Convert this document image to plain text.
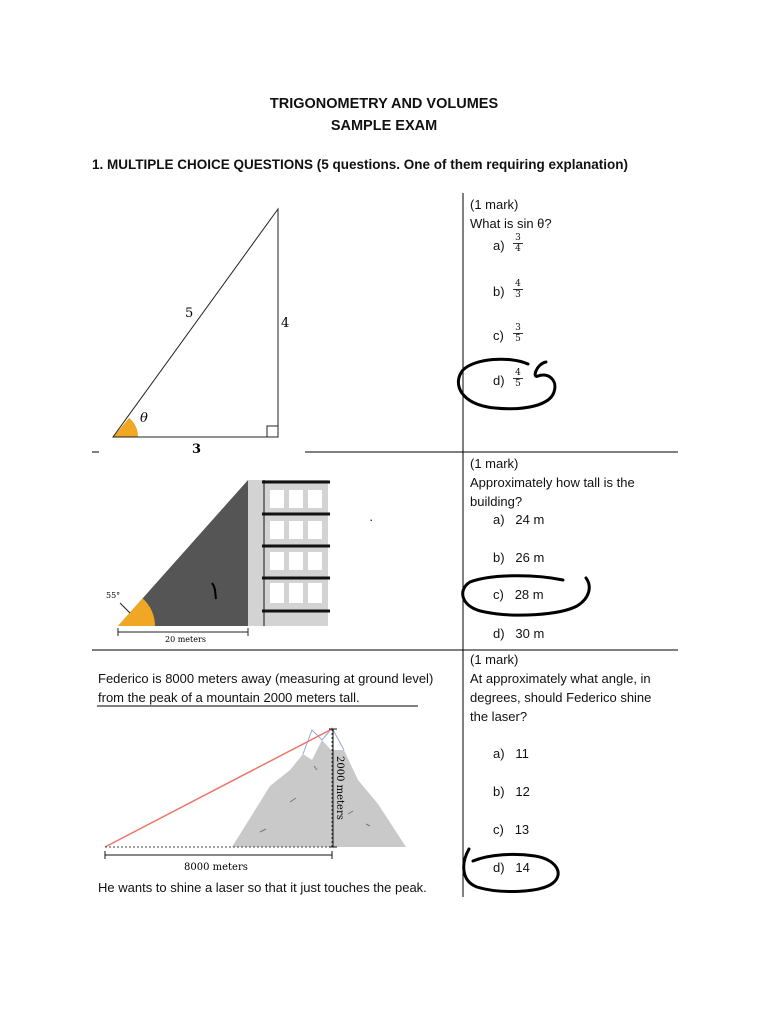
TRIGONOMETRY AND VOLUMES
SAMPLE EXAM
1. MULTIPLE CHOICE QUESTIONS (5 questions. One of them requiring explanation)
5
4
3
θ
(1 mark)
What is sin θ?
a)	3
4
b)	4
3
c)	3
5
d)	4
5
55°
20 meters
·
(1 mark)
Approximately how tall is the
building?
a) 24 m
b) 26 m
c) 28 m
d) 30 m
Federico is 8000 meters away (measuring at ground level)
from the peak of a mountain 2000 meters tall.
8000 meters
2000 meters
He wants to shine a laser so that it just touches the peak.
(1 mark)
At approximately what angle, in
degrees, should Federico shine
the laser?
a) 11
b) 12
c) 13
d) 14
